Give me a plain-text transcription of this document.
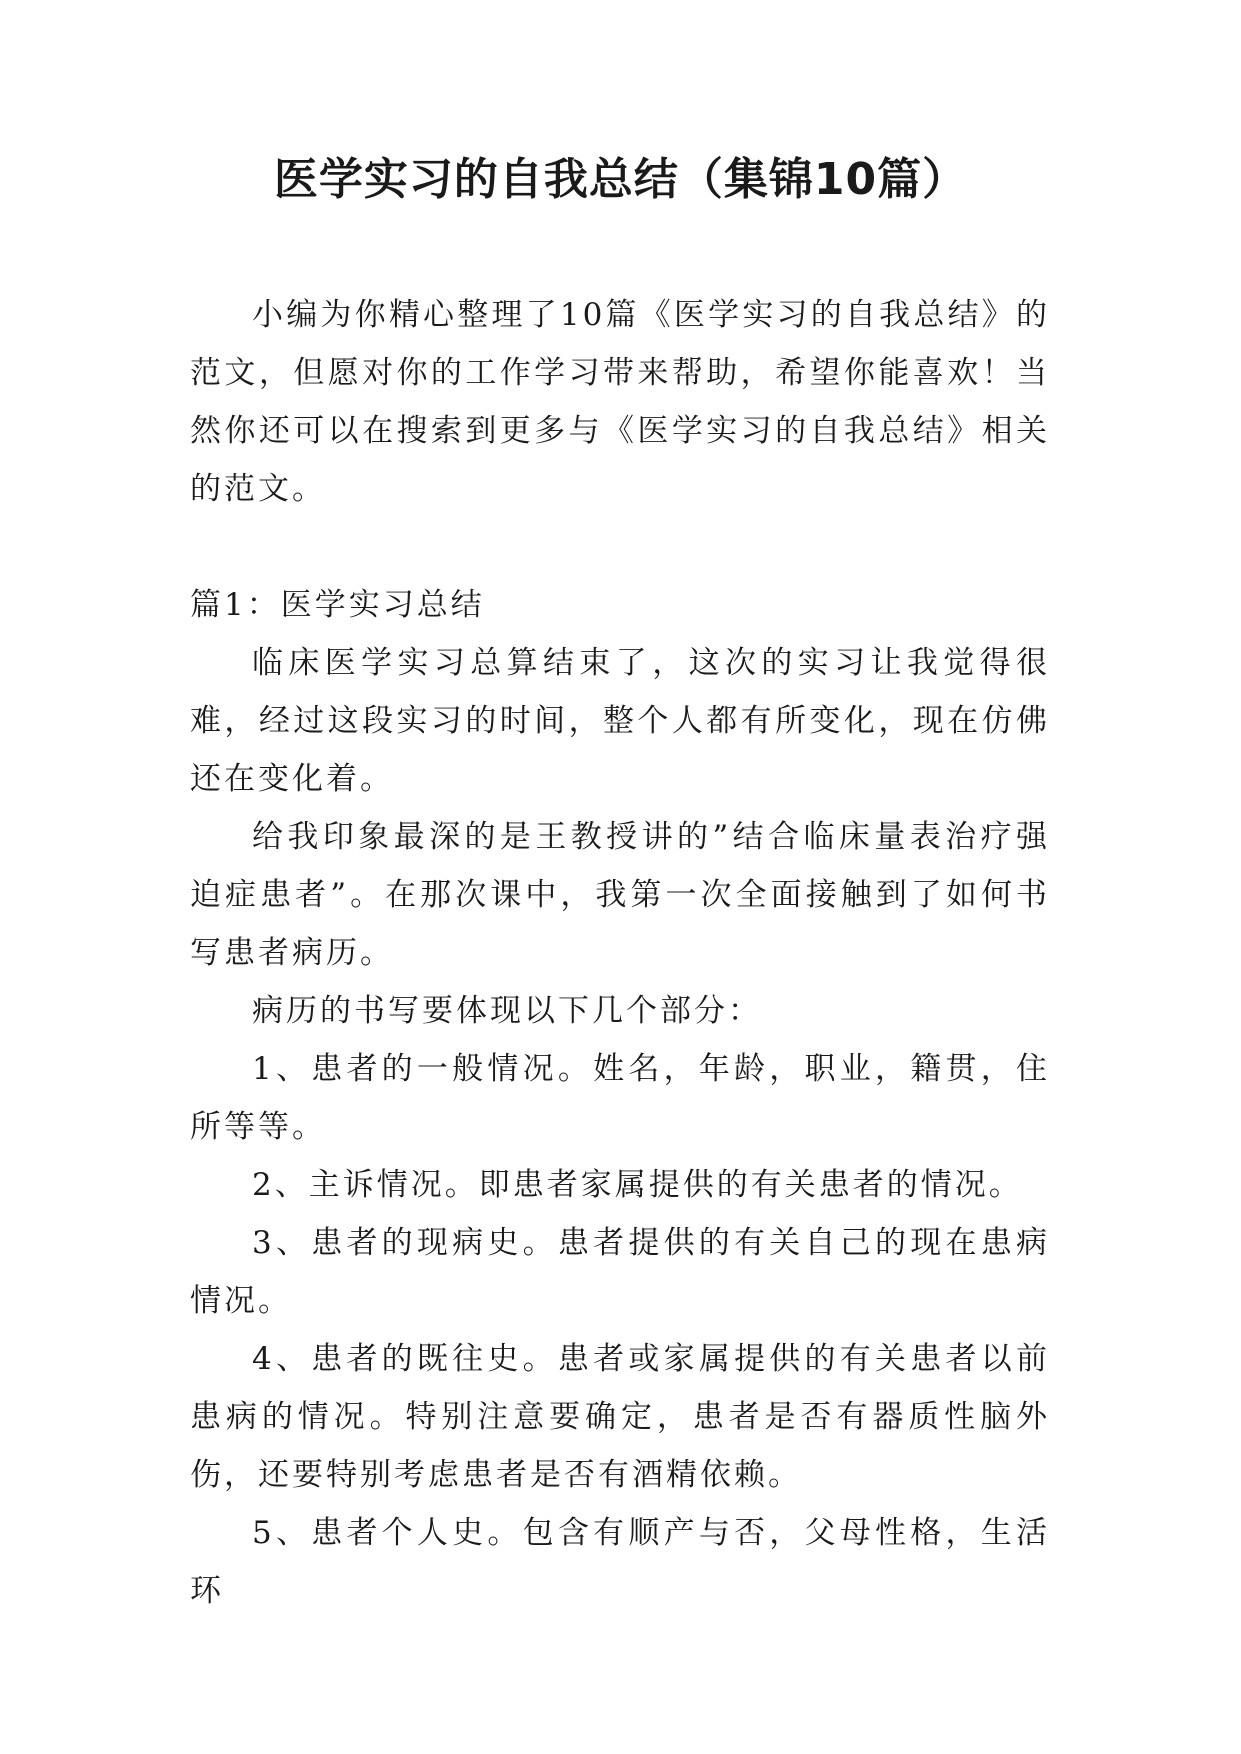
医学实习的自我总结（集锦10篇）

小编为你精心整理了10篇《医学实习的自我总结》的范文，但愿对你的工作学习带来帮助，希望你能喜欢！当然你还可以在搜索到更多与《医学实习的自我总结》相关的范文。

篇1：医学实习总结

临床医学实习总算结束了，这次的实习让我觉得很难，经过这段实习的时间，整个人都有所变化，现在仿佛还在变化着。

给我印象最深的是王教授讲的”结合临床量表治疗强迫症患者”。在那次课中，我第一次全面接触到了如何书写患者病历。

病历的书写要体现以下几个部分：

1、患者的一般情况。姓名，年龄，职业，籍贯，住所等等。

2、主诉情况。即患者家属提供的有关患者的情况。

3、患者的现病史。患者提供的有关自己的现在患病情况。

4、患者的既往史。患者或家属提供的有关患者以前患病的情况。特别注意要确定，患者是否有器质性脑外伤，还要特别考虑患者是否有酒精依赖。

5、患者个人史。包含有顺产与否，父母性格，生活环
